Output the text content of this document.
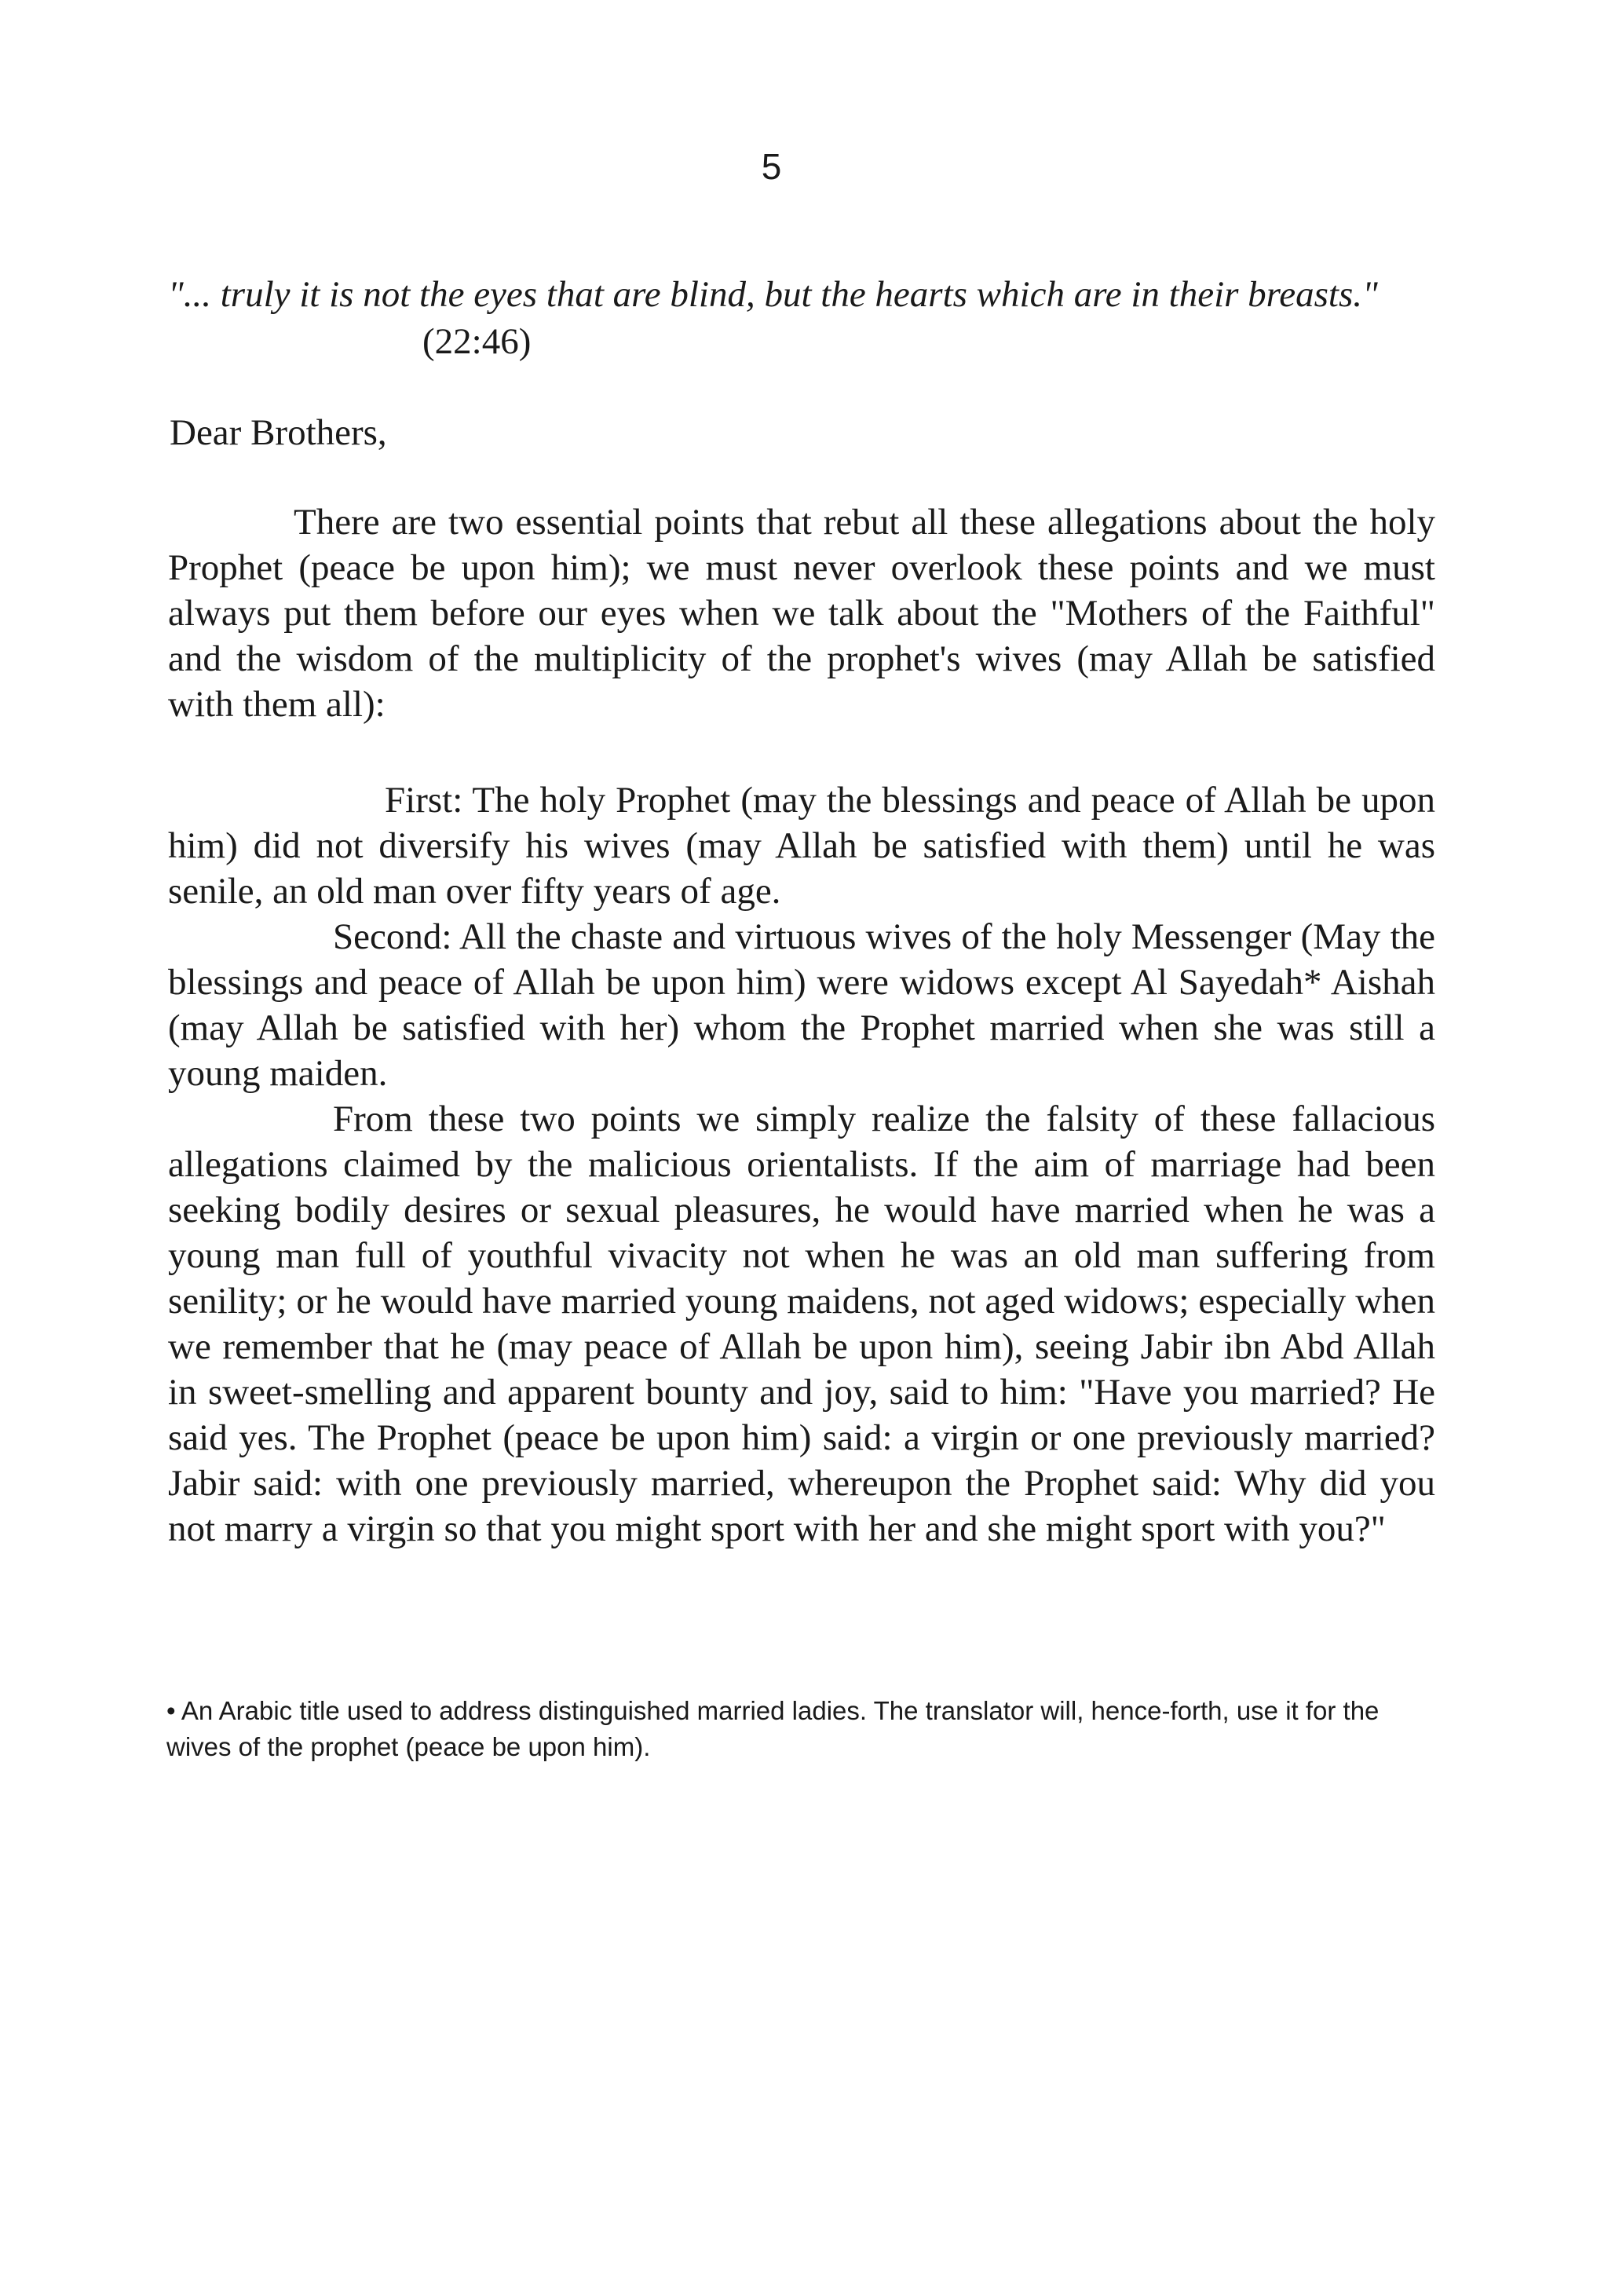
5
"... truly it is not the eyes that are blind, but the hearts which are in their breasts."
(22:46)
Dear Brothers,

There are two essential points that rebut all these allegations about the holy Prophet (peace be upon him); we must never overlook these points and we must always put them before our eyes when we talk about the "Mothers of the Faithful" and the wisdom of the multiplicity of the prophet's wives (may Allah be satisfied with them all):

First: The holy Prophet (may the blessings and peace of Allah be upon him) did not diversify his wives (may Allah be satisfied with them) until he was senile, an old man over fifty years of age.

Second: All the chaste and virtuous wives of the holy Messenger (May the blessings and peace of Allah be upon him) were widows except Al Sayedah* Aishah (may Allah be satisfied with her) whom the Prophet married when she was still a young maiden.

From these two points we simply realize the falsity of these fallacious allegations claimed by the malicious orientalists. If the aim of marriage had been seeking bodily desires or sexual pleasures, he would have married when he was a young man full of youthful vivacity not when he was an old man suffering from senility; or he would have married young maidens, not aged widows; especially when we remember that he (may peace of Allah be upon him), seeing Jabir ibn Abd Allah in sweet-smelling and apparent bounty and joy, said to him: "Have you married? He said yes. The Prophet (peace be upon him) said: a virgin or one previously married? Jabir said: with one previously married, whereupon the Prophet said: Why did you not marry a virgin so that you might sport with her and she might sport with you?"

• An Arabic title used to address distinguished married ladies. The translator will, hence-forth, use it for the wives of the prophet (peace be upon him).
